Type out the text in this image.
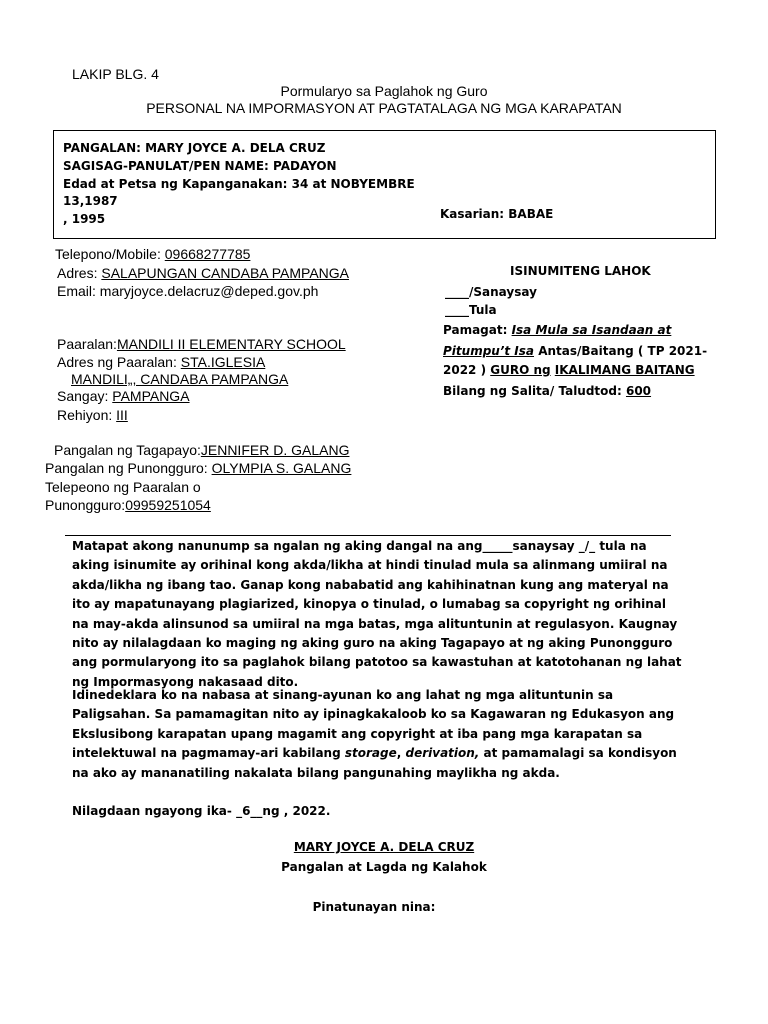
LAKIP BLG. 4
Pormularyo sa Paglahok ng Guro
PERSONAL NA IMPORMASYON AT PAGTATALAGA NG MGA KARAPATAN
PANGALAN: MARY JOYCE A. DELA CRUZ
SAGISAG-PANULAT/PEN NAME: PADAYON
Edad at Petsa ng Kapanganakan: 34 at NOBYEMBRE
13,1987
, 1995	Kasarian: BABAE
Telepono/Mobile: 09668277785
Adres: SALAPUNGAN CANDABA PAMPANGA
Email: maryjoyce.delacruz@deped.gov.ph
Paaralan:MANDILI II ELEMENTARY SCHOOL
Adres ng Paaralan: STA.IGLESIA
MANDILI„, CANDABA PAMPANGA
Sangay: PAMPANGA
Rehiyon: III
Pangalan ng Tagapayo:JENNIFER D. GALANG
Pangalan ng Punongguro: OLYMPIA S. GALANG
Telepeono ng Paaralan o
Punongguro:09959251054
ISINUMITENG LAHOK
____/Sanaysay
____Tula
Pamagat: Isa Mula sa Isandaan at
Pitumpu’t Isa Antas/Baitang ( TP 2021-
2022 ) GURO ng IKALIMANG BAITANG
Bilang ng Salita/ Taludtod: 600
Matapat akong nanunump sa ngalan ng aking dangal na ang_____sanaysay _/_ tula na aking isinumite ay orihinal kong akda/likha at hindi tinulad mula sa alinmang umiiral na akda/likha ng ibang tao. Ganap kong nababatid ang kahihinatnan kung ang materyal na ito ay mapatunayang plagiarized, kinopya o tinulad, o lumabag sa copyright ng orihinal na may-akda alinsunod sa umiiral na mga batas, mga alituntunin at regulasyon. Kaugnay nito ay nilalagdaan ko maging ng aking guro na aking Tagapayo at ng aking Punongguro ang pormularyong ito sa paglahok bilang patotoo sa kawastuhan at katotohanan ng lahat ng Impormasyong nakasaad dito.
Idinedeklara ko na nabasa at sinang-ayunan ko ang lahat ng mga alituntunin sa Paligsahan. Sa pamamagitan nito ay ipinagkakaloob ko sa Kagawaran ng Edukasyon ang Ekslusibong karapatan upang magamit ang copyright at iba pang mga karapatan sa intelektuwal na pagmamay-ari kabilang storage, derivation, at pamamalagi sa kondisyon na ako ay mananatiling nakalata bilang pangunahing maylikha ng akda.
Nilagdaan ngayong ika- _6__ng , 2022.
MARY JOYCE A. DELA CRUZ
Pangalan at Lagda ng Kalahok
Pinatunayan nina:
